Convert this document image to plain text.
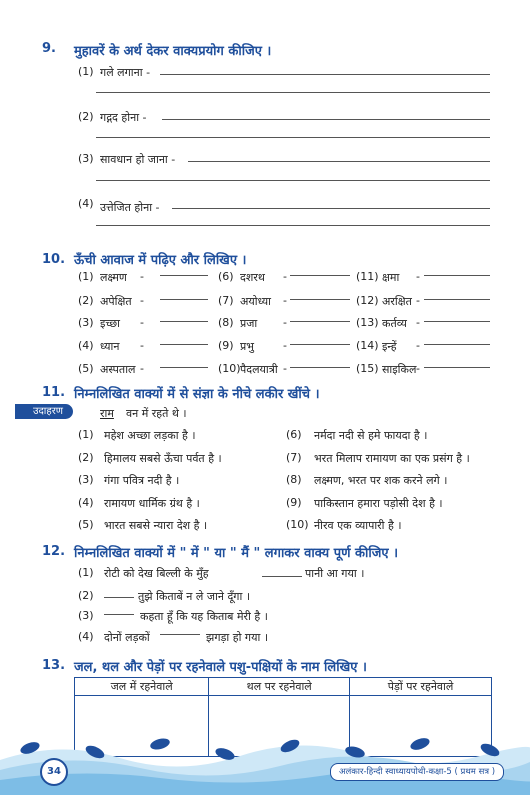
9. मुहावरें के अर्थ देकर वाक्यप्रयोग कीजिए ।
(1) गले लगाना -
(2) गद्गद होना -
(3) सावधान हो जाना -
(4) उत्तेजित होना -
10. ऊँची आवाज में पढ़िए और लिखिए ।
(1) लक्ष्मण -	(6) दशरथ -	(11) क्षमा -
(2) अपेक्षित -	(7) अयोध्या -	(12) अरक्षित -
(3) इच्छा -	(8) प्रजा -	(13) कर्तव्य -
(4) ध्यान -	(9) प्रभु	-	(14) इन्हें -
(5) अस्पताल -	(10) पैदलयात्री -	(15) साइकिल -
11. निम्नलिखित वाक्यों में से संज्ञा के नीचे लकीर खींचे ।
उदाहरण	राम वन में रहते थे ।
(1) महेश अच्छा लड़का है ।
(2) हिमालय सबसे ऊँचा पर्वत है ।
(3) गंगा पवित्र नदी है ।
(4) रामायण धार्मिक ग्रंथ है ।
(5) भारत सबसे न्यारा देश है ।
(6) नर्मदा नदी से हमे फायदा है ।
(7) भरत मिलाप रामायण का एक प्रसंग है ।
(8) लक्ष्मण, भरत पर शक करने लगे ।
(9) पाकिस्तान हमारा पड़ोसी देश है ।
(10) नीरव एक व्यापारी है ।
12. निम्नलिखित वाक्यों में " में " या " मैं " लगाकर वाक्य पूर्ण कीजिए ।
(1) रोटी को देख बिल्ली के मुँह	पानी आ गया ।
(2)	तुझे किताबें न ले जाने दूँगा ।
(3)	कहता हूँ कि यह किताब मेरी है ।
(4) दोनों लड़कों	झगड़ा हो गया ।
13. जल, थल और पेड़ों पर रहनेवाले पशु-पक्षियों के नाम लिखिए ।
जल में रहनेवाले	थल पर रहनेवाले	पेड़ों पर रहनेवाले

34	अलंकार-हिन्दी स्वाध्यायपोथी-कक्षा-5 ( प्रथम सत्र )
